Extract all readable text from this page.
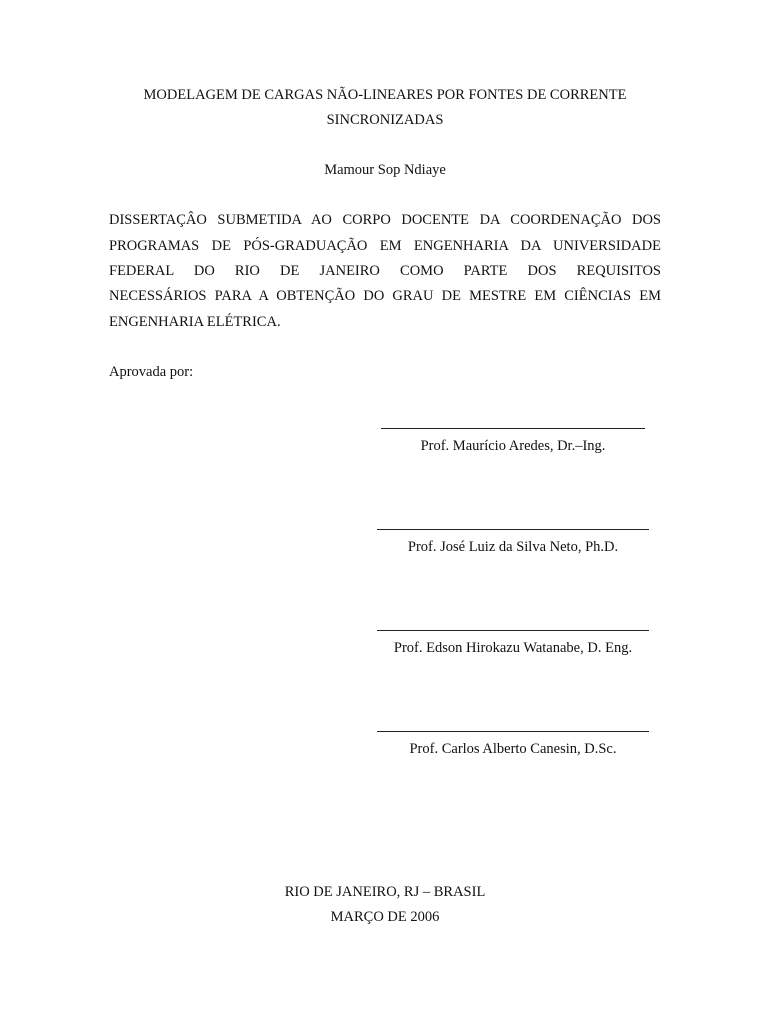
MODELAGEM DE CARGAS NÃO-LINEARES POR FONTES DE CORRENTE
SINCRONIZADAS
Mamour Sop Ndiaye
DISSERTAÇÂO SUBMETIDA AO CORPO DOCENTE DA COORDENAÇÃO DOS
PROGRAMAS DE PÓS-GRADUAÇÃO EM ENGENHARIA DA UNIVERSIDADE
FEDERAL DO RIO DE JANEIRO COMO PARTE DOS REQUISITOS
NECESSÁRIOS PARA A OBTENÇÃO DO GRAU DE MESTRE EM CIÊNCIAS EM
ENGENHARIA ELÉTRICA.
Aprovada por:
Prof. Maurício Aredes, Dr.–Ing.
Prof. José Luiz da Silva Neto, Ph.D.
Prof. Edson Hirokazu Watanabe, D. Eng.
Prof. Carlos Alberto Canesin, D.Sc.
RIO DE JANEIRO, RJ – BRASIL
MARÇO DE 2006
